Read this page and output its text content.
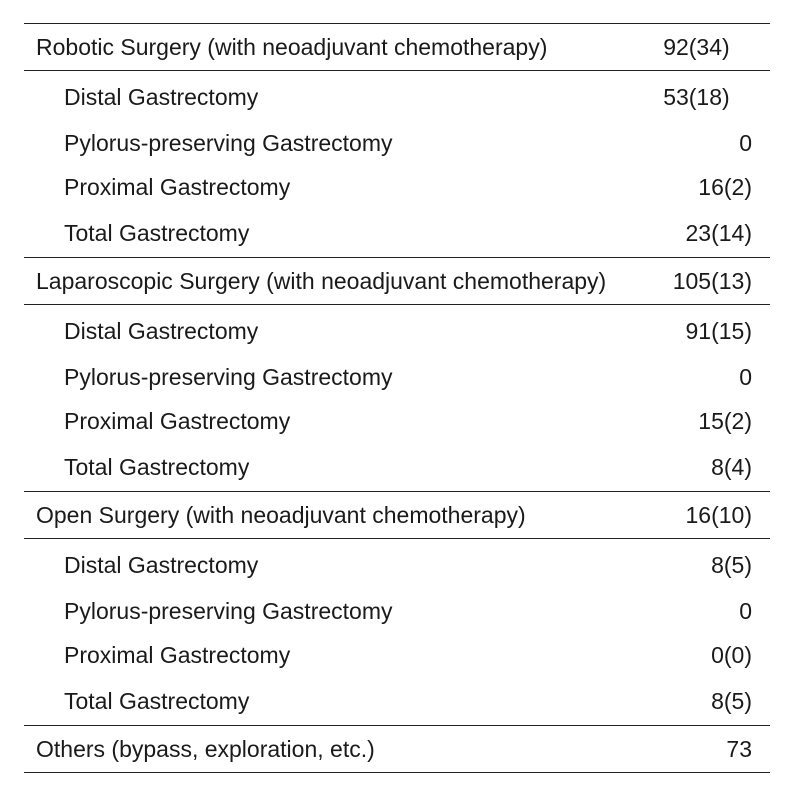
Robotic Surgery (with neoadjuvant chemotherapy)	92(34)
Distal Gastrectomy	53(18)
Pylorus-preserving Gastrectomy	0
Proximal Gastrectomy	16(2)
Total Gastrectomy	23(14)
Laparoscopic Surgery (with neoadjuvant chemotherapy)	105(13)
Distal Gastrectomy	91(15)
Pylorus-preserving Gastrectomy	0
Proximal Gastrectomy	15(2)
Total Gastrectomy	8(4)
Open Surgery (with neoadjuvant chemotherapy)	16(10)
Distal Gastrectomy	8(5)
Pylorus-preserving Gastrectomy	0
Proximal Gastrectomy	0(0)
Total Gastrectomy	8(5)
Others (bypass, exploration, etc.)	73
